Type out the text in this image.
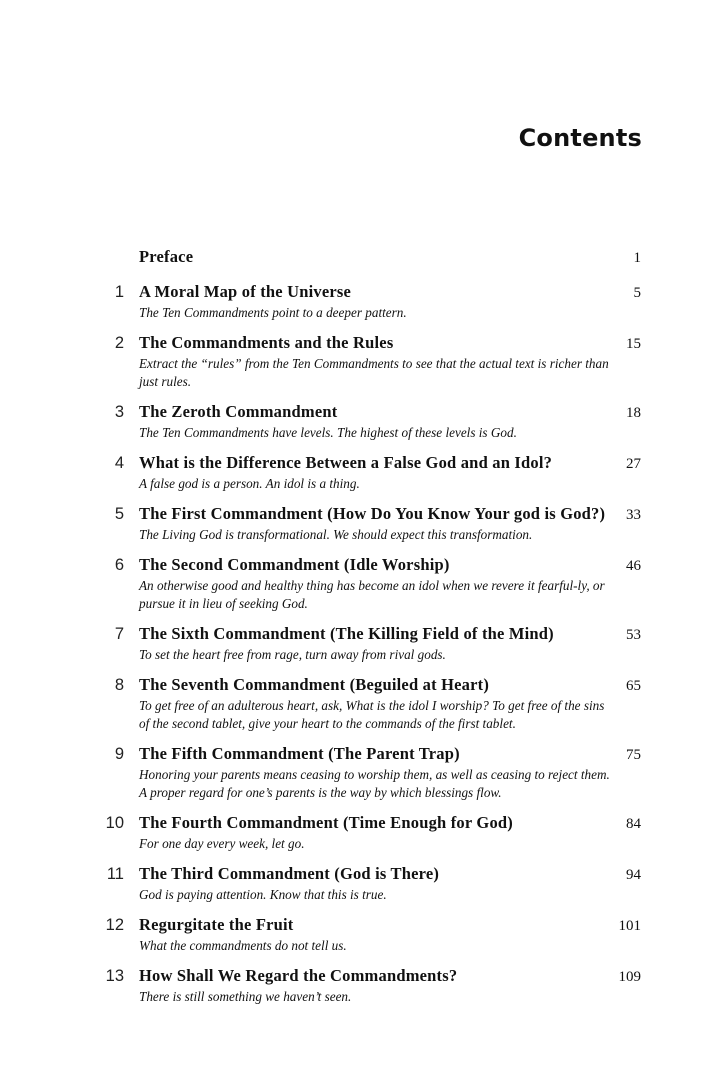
Contents
Preface	1
1 A Moral Map of the Universe	5
The Ten Commandments point to a deeper pattern.
2 The Commandments and the Rules	15
Extract the “rules” from the Ten Commandments to see that the actual text is richer than just rules.
3 The Zeroth Commandment	18
The Ten Commandments have levels. The highest of these levels is God.
4 What is the Difference Between a False God and an Idol?	27
A false god is a person. An idol is a thing.
5 The First Commandment (How Do You Know Your god is God?) 33
The Living God is transformational. We should expect this transformation.
6 The Second Commandment (Idle Worship)	46
An otherwise good and healthy thing has become an idol when we revere it fearful-ly, or pursue it in lieu of seeking God.
7 The Sixth Commandment (The Killing Field of the Mind)	53
To set the heart free from rage, turn away from rival gods.
8 The Seventh Commandment (Beguiled at Heart)	65
To get free of an adulterous heart, ask, What is the idol I worship? To get free of the sins of the second tablet, give your heart to the commands of the first tablet.
9 The Fifth Commandment (The Parent Trap)	75
Honoring your parents means ceasing to worship them, as well as ceasing to reject them. A proper regard for one’s parents is the way by which blessings flow.
10 The Fourth Commandment (Time Enough for God)	84
For one day every week, let go.
11 The Third Commandment (God is There)	94
God is paying attention. Know that this is true.
12 Regurgitate the Fruit	101
What the commandments do not tell us.
13 How Shall We Regard the Commandments?	109
There is still something we haven’t seen.
